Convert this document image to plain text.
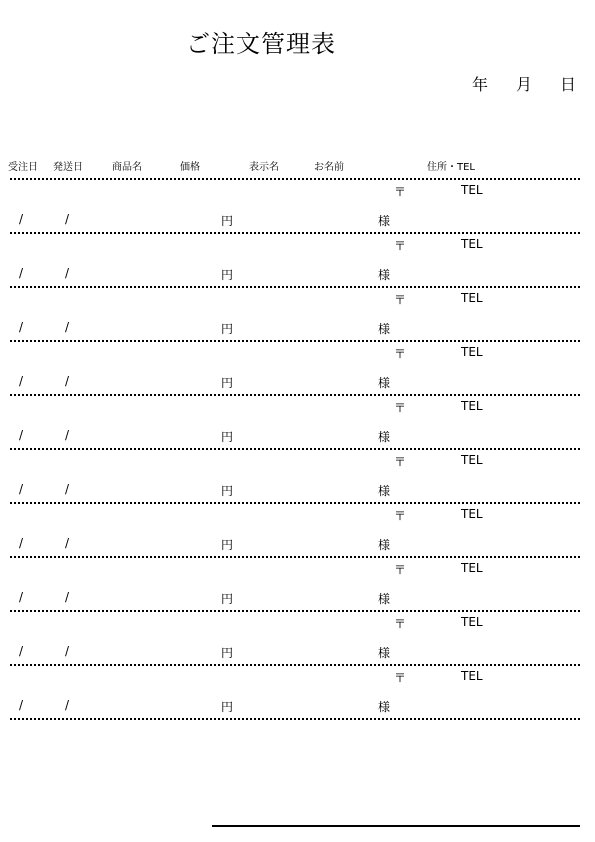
ご注文管理表
年 月 日
受注日 発送日	商品名	価格	表示名	お名前	住所・TEL
〒	TEL
/	/	円	様
〒	TEL
/	/	円	様
〒	TEL
/	/	円	様
〒	TEL
/	/	円	様
〒	TEL
/	/	円	様
〒	TEL
/	/	円	様
〒	TEL
/	/	円	様
〒	TEL
/	/	円	様
〒	TEL
/	/	円	様
〒	TEL
/	/	円	様
